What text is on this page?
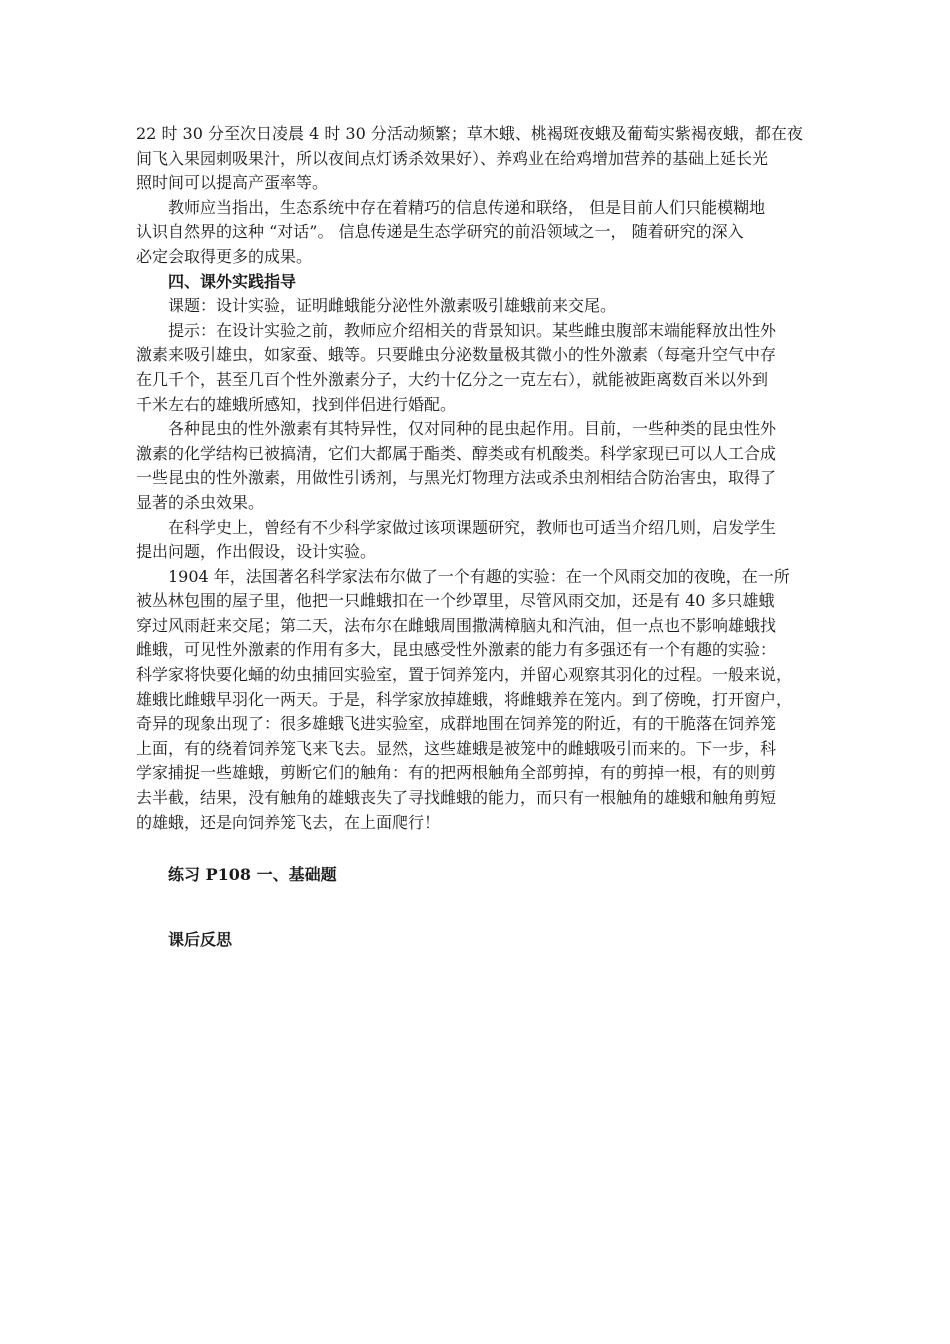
22 时 30 分至次日凌晨 4 时 30 分活动频繁；草木蛾、桃褐斑夜蛾及葡萄实紫褐夜蛾，都在夜

间飞入果园刺吸果汁，所以夜间点灯诱杀效果好）、养鸡业在给鸡增加营养的基础上延长光

照时间可以提高产蛋率等。

教师应当指出，生态系统中存在着精巧的信息传递和联络， 但是目前人们只能模糊地

认识自然界的这种 “对话”。 信息传递是生态学研究的前沿领域之一， 随着研究的深入

必定会取得更多的成果。

四、课外实践指导

课题：设计实验，证明雌蛾能分泌性外激素吸引雄蛾前来交尾。

提示：在设计实验之前，教师应介绍相关的背景知识。某些雌虫腹部末端能释放出性外

激素来吸引雄虫，如家蚕、蛾等。只要雌虫分泌数量极其微小的性外激素（每毫升空气中存

在几千个，甚至几百个性外激素分子，大约十亿分之一克左右），就能被距离数百米以外到

千米左右的雄蛾所感知，找到伴侣进行婚配。

各种昆虫的性外激素有其特异性，仅对同种的昆虫起作用。目前，一些种类的昆虫性外

激素的化学结构已被搞清，它们大都属于酯类、醇类或有机酸类。科学家现已可以人工合成

一些昆虫的性外激素，用做性引诱剂，与黑光灯物理方法或杀虫剂相结合防治害虫，取得了

显著的杀虫效果。

在科学史上，曾经有不少科学家做过该项课题研究，教师也可适当介绍几则，启发学生

提出问题，作出假设，设计实验。

1904 年，法国著名科学家法布尔做了一个有趣的实验：在一个风雨交加的夜晚，在一所

被丛林包围的屋子里，他把一只雌蛾扣在一个纱罩里，尽管风雨交加，还是有 40 多只雄蛾

穿过风雨赶来交尾；第二天，法布尔在雌蛾周围撒满樟脑丸和汽油，但一点也不影响雄蛾找

雌蛾，可见性外激素的作用有多大，昆虫感受性外激素的能力有多强还有一个有趣的实验：

科学家将快要化蛹的幼虫捕回实验室，置于饲养笼内，并留心观察其羽化的过程。一般来说，

雄蛾比雌蛾早羽化一两天。于是，科学家放掉雄蛾，将雌蛾养在笼内。到了傍晚，打开窗户，

奇异的现象出现了：很多雄蛾飞进实验室，成群地围在饲养笼的附近，有的干脆落在饲养笼

上面，有的绕着饲养笼飞来飞去。显然，这些雄蛾是被笼中的雌蛾吸引而来的。下一步，科

学家捕捉一些雄蛾，剪断它们的触角：有的把两根触角全部剪掉，有的剪掉一根，有的则剪

去半截，结果，没有触角的雄蛾丧失了寻找雌蛾的能力，而只有一根触角的雄蛾和触角剪短

的雄蛾，还是向饲养笼飞去，在上面爬行！

练习 P108 一、基础题

课后反思
